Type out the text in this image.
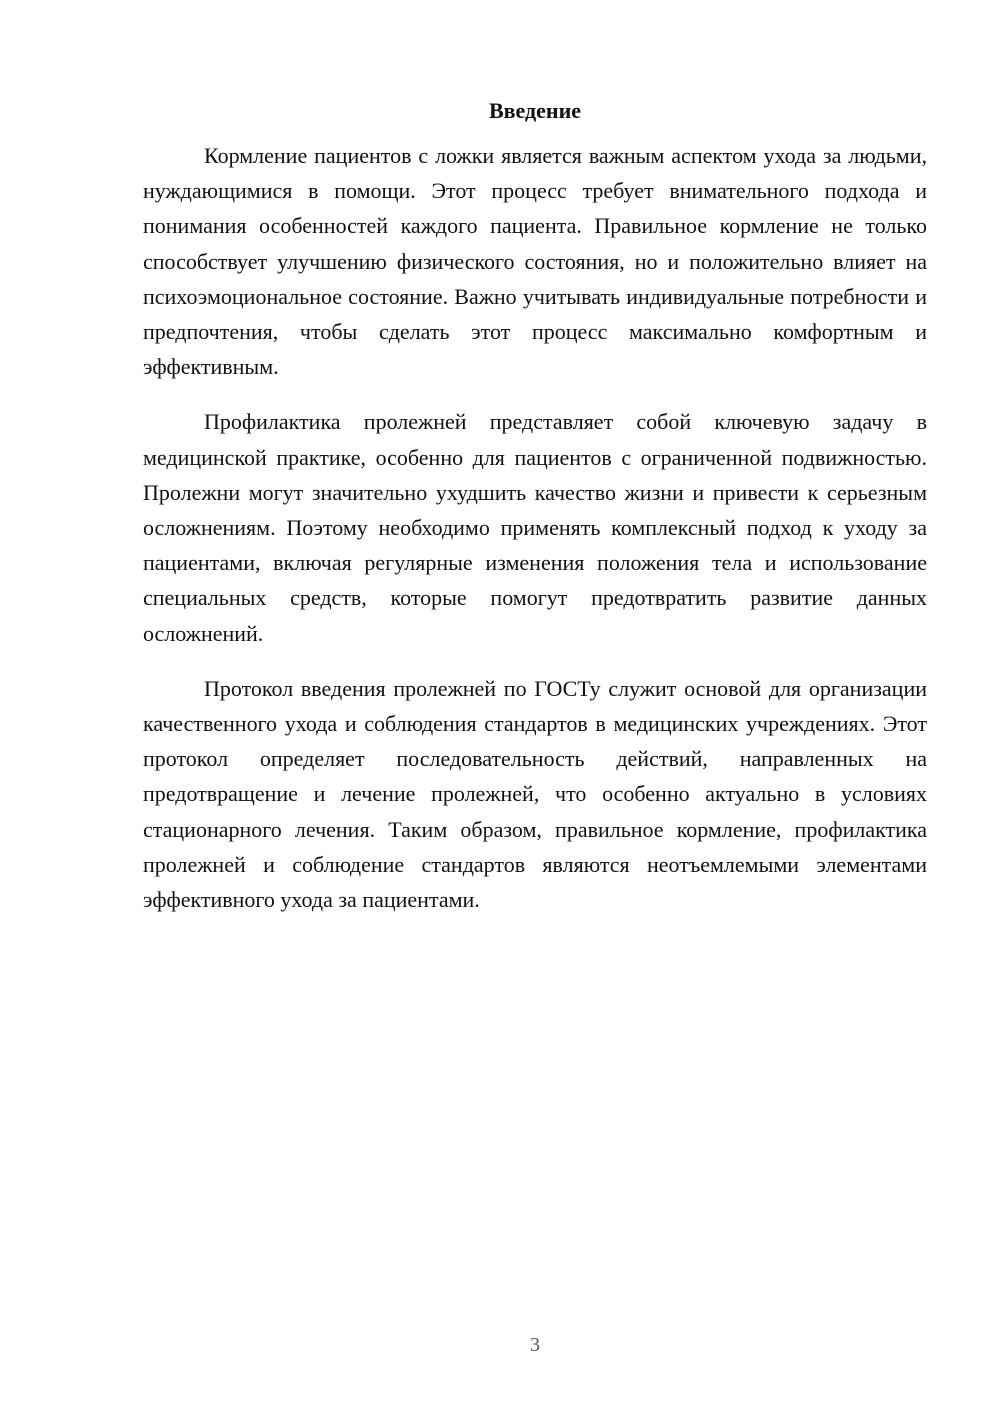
Введение

Кормление пациентов с ложки является важным аспектом ухода за людьми, нуждающимися в помощи. Этот процесс требует внимательного подхода и понимания особенностей каждого пациента. Правильное кормление не только способствует улучшению физического состояния, но и положительно влияет на психоэмоциональное состояние. Важно учитывать индивидуальные потребности и предпочтения, чтобы сделать этот процесс максимально комфортным и эффективным.

Профилактика пролежней представляет собой ключевую задачу в медицинской практике, особенно для пациентов с ограниченной подвижностью. Пролежни могут значительно ухудшить качество жизни и привести к серьезным осложнениям. Поэтому необходимо применять комплексный подход к уходу за пациентами, включая регулярные изменения положения тела и использование специальных средств, которые помогут предотвратить развитие данных осложнений.

Протокол введения пролежней по ГОСТу служит основой для организации качественного ухода и соблюдения стандартов в медицинских учреждениях. Этот протокол определяет последовательность действий, направленных на предотвращение и лечение пролежней, что особенно актуально в условиях стационарного лечения. Таким образом, правильное кормление, профилактика пролежней и соблюдение стандартов являются неотъемлемыми элементами эффективного ухода за пациентами.

3
